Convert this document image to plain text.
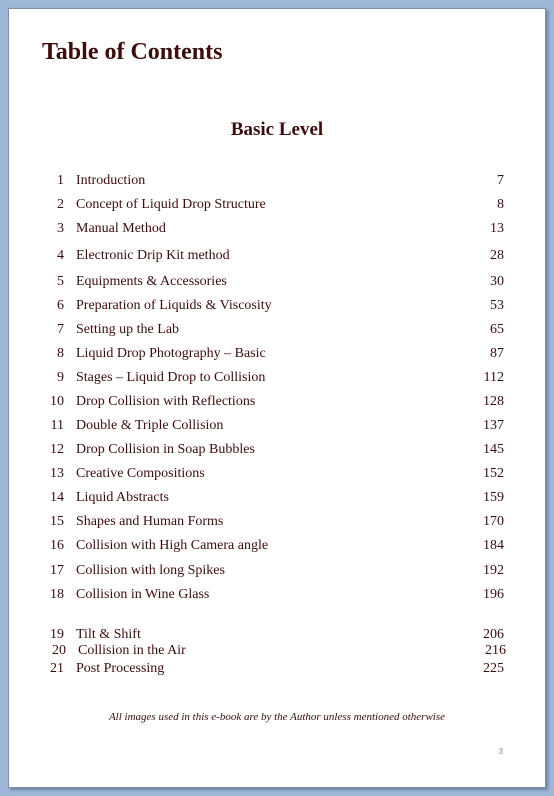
Table of Contents
Basic Level
1 Introduction	7
2 Concept of Liquid Drop Structure	8
3 Manual Method	13
4 Electronic Drip Kit method	28
5 Equipments & Accessories	30
6 Preparation of Liquids & Viscosity	53
7 Setting up the Lab	65
8 Liquid Drop Photography – Basic	87
9 Stages – Liquid Drop to Collision	112
10 Drop Collision with Reflections	128
11 Double & Triple Collision	137
12 Drop Collision in Soap Bubbles	145
13 Creative Compositions	152
14 Liquid Abstracts	159
15 Shapes and Human Forms	170
16 Collision with High Camera angle	184
17 Collision with long Spikes	192
18 Collision in Wine Glass	196
19 Tilt & Shift	206
20 Collision in the Air	216
21 Post Processing	225
All images used in this e-book are by the Author unless mentioned otherwise
3
